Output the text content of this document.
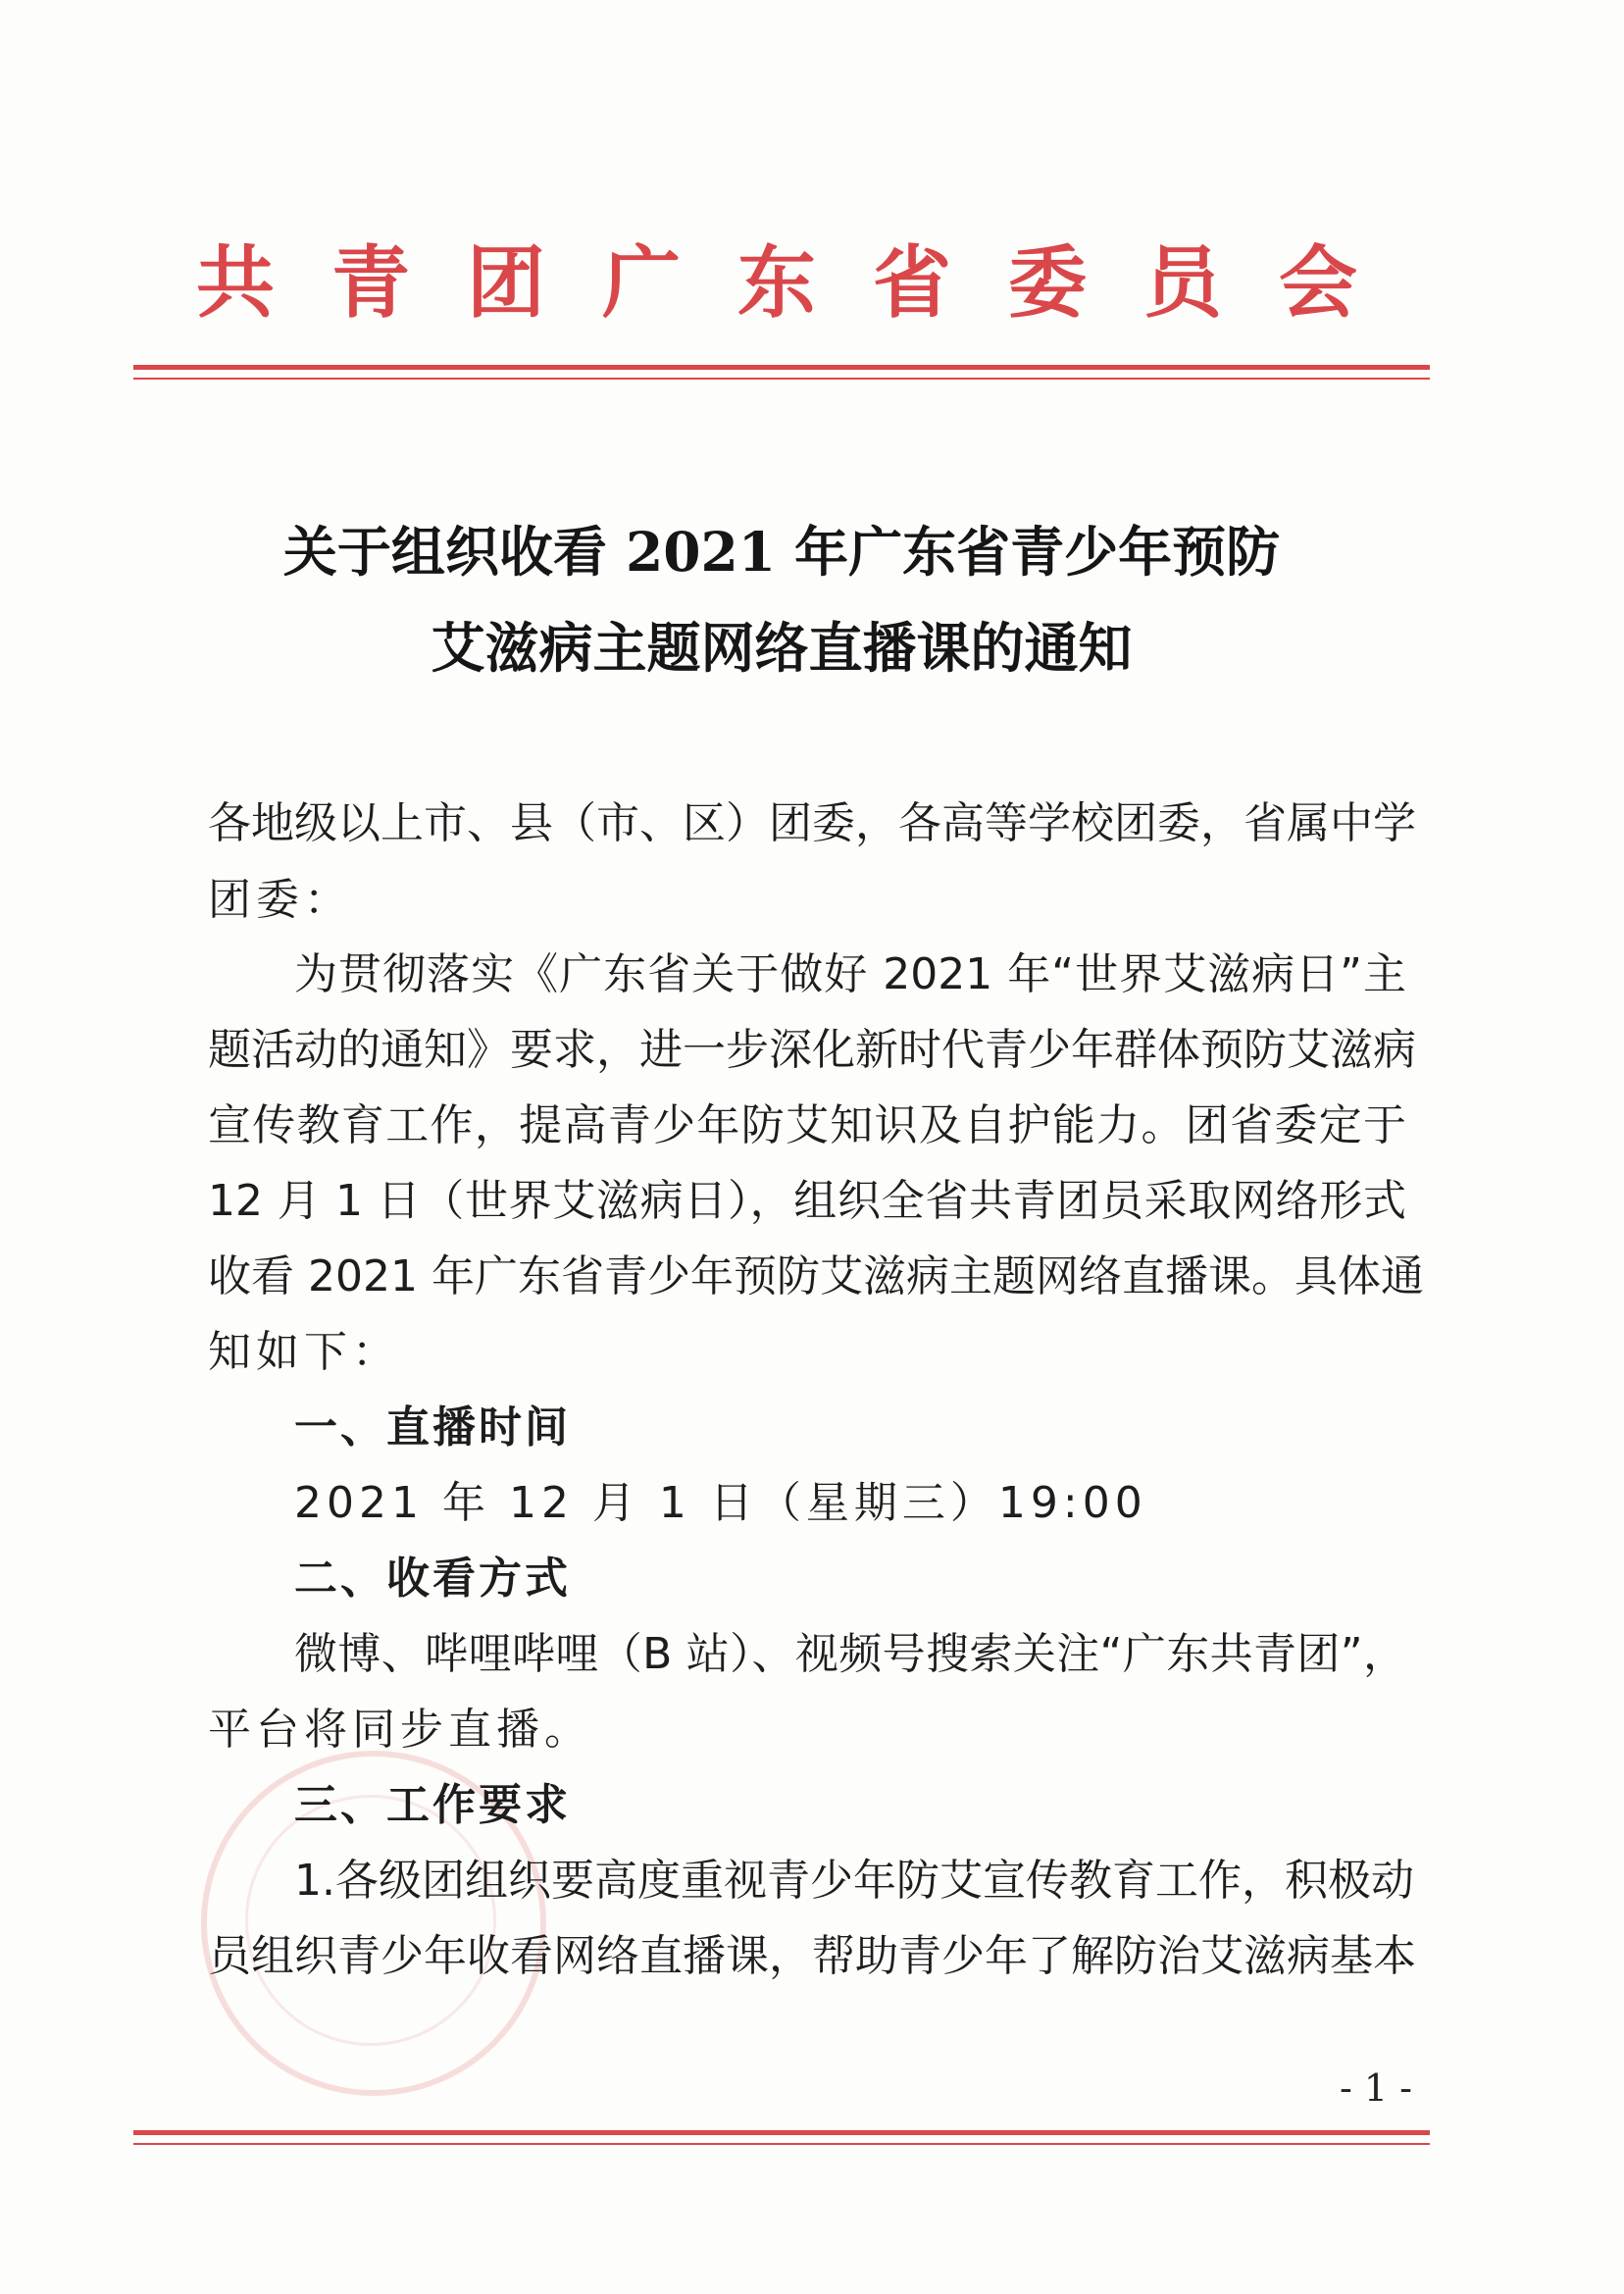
共青团广东省委员会
关于组织收看 2021 年广东省青少年预防
艾滋病主题网络直播课的通知
各地级以上市、县（市、区）团委，各高等学校团委，省属中学
团委：
为贯彻落实《广东省关于做好 2021 年“世界艾滋病日”主
题活动的通知》要求，进一步深化新时代青少年群体预防艾滋病
宣传教育工作，提高青少年防艾知识及自护能力。团省委定于
12 月 1 日（世界艾滋病日），组织全省共青团员采取网络形式
收看 2021 年广东省青少年预防艾滋病主题网络直播课。具体通
知如下：
一、直播时间
2021 年 12 月 1 日（星期三）19:00
二、收看方式
微博、哔哩哔哩（B 站）、视频号搜索关注“广东共青团”，
平台将同步直播。
三、工作要求
1.各级团组织要高度重视青少年防艾宣传教育工作，积极动
员组织青少年收看网络直播课，帮助青少年了解防治艾滋病基本
- 1 -
